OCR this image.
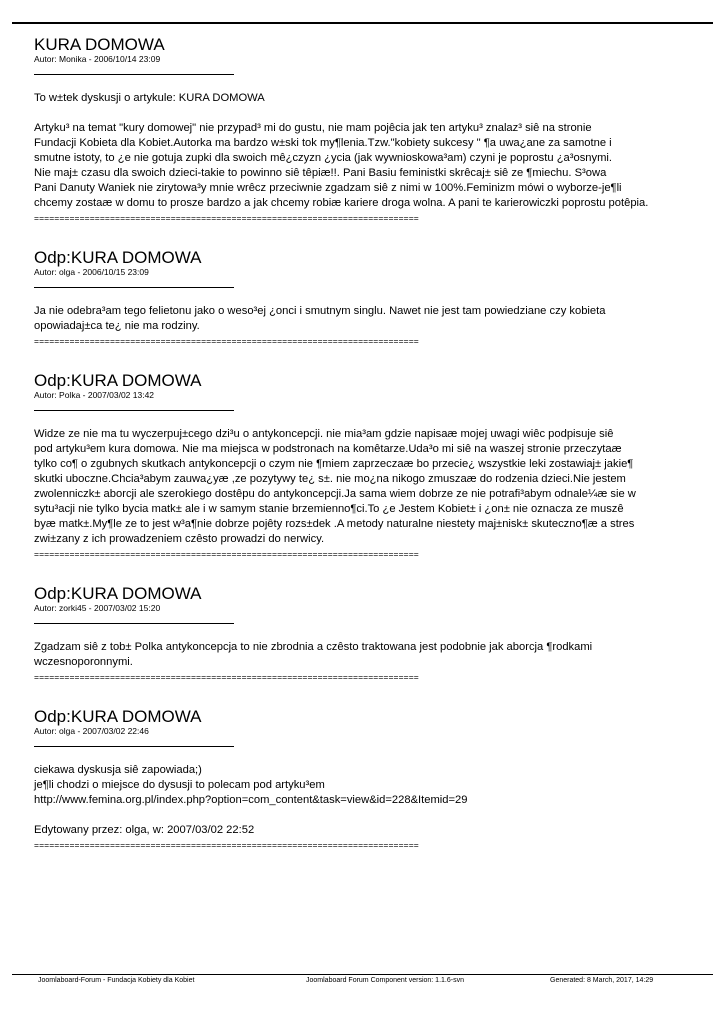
KURA DOMOWA
Autor: Monika - 2006/10/14 23:09

To w±tek dyskusji o artykule: KURA DOMOWA

Artyku³ na temat "kury domowej" nie przypad³ mi do gustu, nie mam pojêcia jak ten artyku³ znalaz³ siê na stronie
Fundacji Kobieta dla Kobiet.Autorka ma bardzo w±ski tok my¶lenia.Tzw."kobiety sukcesy " ¶a uwa¿ane za samotne i
smutne istoty, to ¿e nie gotuja zupki dla swoich mê¿czyzn ¿ycia (jak wywnioskowa³am) czyni je poprostu ¿a³osnymi.
Nie maj± czasu dla swoich dzieci-takie to powinno siê têpiæ!!. Pani Basiu feministki skrêcaj± siê ze ¶miechu. S³owa
Pani Danuty Waniek nie zirytowa³y mnie wrêcz przeciwnie zgadzam siê z nimi w 100%.Feminizm mówi o wyborze-je¶li
chcemy zostaæ w domu to prosze bardzo a jak chcemy robiæ kariere droga wolna. A pani te karierowiczki poprostu potêpia.

============================================================================
Odp:KURA DOMOWA
Autor: olga - 2006/10/15 23:09

Ja nie odebra³am tego felietonu jako o weso³ej ¿onci i smutnym singlu. Nawet nie jest tam powiedziane czy kobieta
opowiadaj±ca te¿ nie ma rodziny.

============================================================================
Odp:KURA DOMOWA
Autor: Polka - 2007/03/02 13:42

Widze ze nie ma tu wyczerpuj±cego dzi³u o antykoncepcji. nie mia³am gdzie napisaæ mojej uwagi wiêc podpisuje siê
pod artyku³em kura domowa. Nie ma miejsca w podstronach na komêtarze.Uda³o mi siê na waszej stronie przeczytaæ
tylko co¶ o zgubnych skutkach antykoncepcji o czym nie ¶miem zaprzeczaæ bo przecie¿ wszystkie leki zostawiaj± jakie¶
skutki uboczne.Chcia³abym zauwa¿yæ ,ze pozytywy te¿ s±. nie mo¿na nikogo zmuszaæ do rodzenia dzieci.Nie jestem
zwolenniczk± aborcji ale szerokiego dostêpu do antykoncepcji.Ja sama wiem dobrze ze nie potrafi³abym odnale¼æ sie w
sytu³acji nie tylko bycia matk± ale i w samym stanie brzemienno¶ci.To ¿e Jestem Kobiet± i ¿on± nie oznacza ze muszê
byæ matk±.My¶le ze to jest w³a¶nie dobrze pojêty rozs±dek .A metody naturalne niestety maj±nisk± skuteczno¶æ a stres
zwi±zany z ich prowadzeniem czêsto prowadzi do nerwicy.

============================================================================
Odp:KURA DOMOWA
Autor: zorki45 - 2007/03/02 15:20

Zgadzam siê z tob± Polka antykoncepcja to nie zbrodnia a czêsto traktowana jest podobnie jak aborcja ¶rodkami
wczesnoporonnymi.

============================================================================
Odp:KURA DOMOWA
Autor: olga - 2007/03/02 22:46

ciekawa dyskusja siê zapowiada;)
je¶li chodzi o miejsce do dysusji to polecam pod artyku³em
http://www.femina.org.pl/index.php?option=com_content&task=view&id=228&Itemid=29

Edytowany przez: olga, w: 2007/03/02 22:52

============================================================================
Joomlaboard-Forum - Fundacja Kobiety dla Kobiet	Joomlaboard Forum Component version: 1.1.6-svn	Generated: 8 March, 2017, 14:29
